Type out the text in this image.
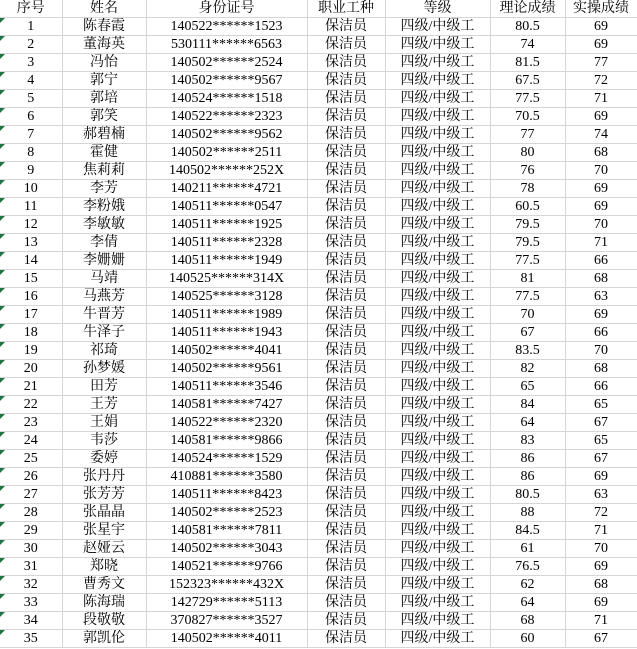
序号	姓名	身份证号	职业工种	等级	理论成绩	实操成绩

1	陈春霞	140522******1523	保洁员	四级/中级工	80.5	69

2	董海英	530111******6563	保洁员	四级/中级工	74	69

3	冯怡	140502******2524	保洁员	四级/中级工	81.5	77

4	郭宁	140502******9567	保洁员	四级/中级工	67.5	72

5	郭培	140524******1518	保洁员	四级/中级工	77.5	71

6	郭笑	140522******2323	保洁员	四级/中级工	70.5	69

7	郝碧楠	140502******9562	保洁员	四级/中级工	77	74

8	霍健	140502******2511	保洁员	四级/中级工	80	68

9	焦莉莉	140502******252X	保洁员	四级/中级工	76	70

10	李芳	140211******4721	保洁员	四级/中级工	78	69

11	李粉娥	140511******0547	保洁员	四级/中级工	60.5	69

12	李敏敏	140511******1925	保洁员	四级/中级工	79.5	70

13	李倩	140511******2328	保洁员	四级/中级工	79.5	71

14	李姗姗	140511******1949	保洁员	四级/中级工	77.5	66

15	马靖	140525******314X	保洁员	四级/中级工	81	68

16	马燕芳	140525******3128	保洁员	四级/中级工	77.5	63

17	牛晋芳	140511******1989	保洁员	四级/中级工	70	69

18	牛泽子	140511******1943	保洁员	四级/中级工	67	66

19	祁琦	140502******4041	保洁员	四级/中级工	83.5	70

20	孙梦媛	140502******9561	保洁员	四级/中级工	82	68

21	田芳	140511******3546	保洁员	四级/中级工	65	66

22	王芳	140581******7427	保洁员	四级/中级工	84	65

23	王娟	140522******2320	保洁员	四级/中级工	64	67

24	韦莎	140581******9866	保洁员	四级/中级工	83	65

25	委婷	140524******1529	保洁员	四级/中级工	86	67

26	张丹丹	410881******3580	保洁员	四级/中级工	86	69

27	张芳芳	140511******8423	保洁员	四级/中级工	80.5	63

28	张晶晶	140502******2523	保洁员	四级/中级工	88	72

29	张星宇	140581******7811	保洁员	四级/中级工	84.5	71

30	赵娅云	140502******3043	保洁员	四级/中级工	61	70

31	郑晓	140521******9766	保洁员	四级/中级工	76.5	69

32	曹秀文	152323******432X	保洁员	四级/中级工	62	68

33	陈海瑞	142729******5113	保洁员	四级/中级工	64	69

34	段敬敬	370827******3527	保洁员	四级/中级工	68	71

35	郭凯伦	140502******4011	保洁员	四级/中级工	60	67
